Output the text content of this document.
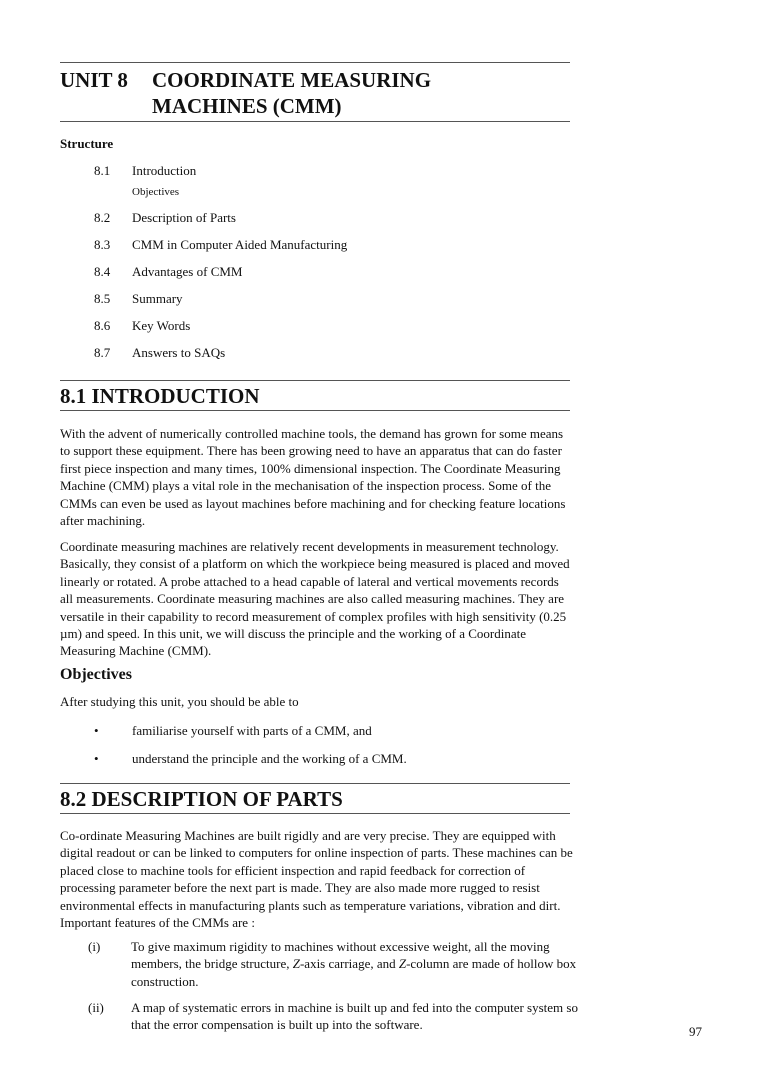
UNIT 8 COORDINATE MEASURING
MACHINES (CMM)
Structure
8.1 Introduction
Objectives
8.2 Description of Parts
8.3 CMM in Computer Aided Manufacturing
8.4 Advantages of CMM
8.5 Summary
8.6 Key Words
8.7 Answers to SAQs
8.1 INTRODUCTION
With the advent of numerically controlled machine tools, the demand has grown for some means to support these equipment. There has been growing need to have an apparatus that can do faster first piece inspection and many times, 100% dimensional inspection. The Coordinate Measuring Machine (CMM) plays a vital role in the mechanisation of the inspection process. Some of the CMMs can even be used as layout machines before machining and for checking feature locations after machining.
Coordinate measuring machines are relatively recent developments in measurement technology. Basically, they consist of a platform on which the workpiece being measured is placed and moved linearly or rotated. A probe attached to a head capable of lateral and vertical movements records all measurements. Coordinate measuring machines are also called measuring machines. They are versatile in their capability to record measurement of complex profiles with high sensitivity (0.25 µm) and speed. In this unit, we will discuss the principle and the working of a Coordinate Measuring Machine (CMM).
Objectives
After studying this unit, you should be able to
•	familiarise yourself with parts of a CMM, and
•	understand the principle and the working of a CMM.
8.2 DESCRIPTION OF PARTS
Co-ordinate Measuring Machines are built rigidly and are very precise. They are equipped with digital readout or can be linked to computers for online inspection of parts. These machines can be placed close to machine tools for efficient inspection and rapid feedback for correction of processing parameter before the next part is made. They are also made more rugged to resist environmental effects in manufacturing plants such as temperature variations, vibration and dirt. Important features of the CMMs are :
(i)	To give maximum rigidity to machines without excessive weight, all the moving members, the bridge structure, Z-axis carriage, and Z-column are made of hollow box construction.
(ii)	A map of systematic errors in machine is built up and fed into the computer system so that the error compensation is built up into the software.	97
